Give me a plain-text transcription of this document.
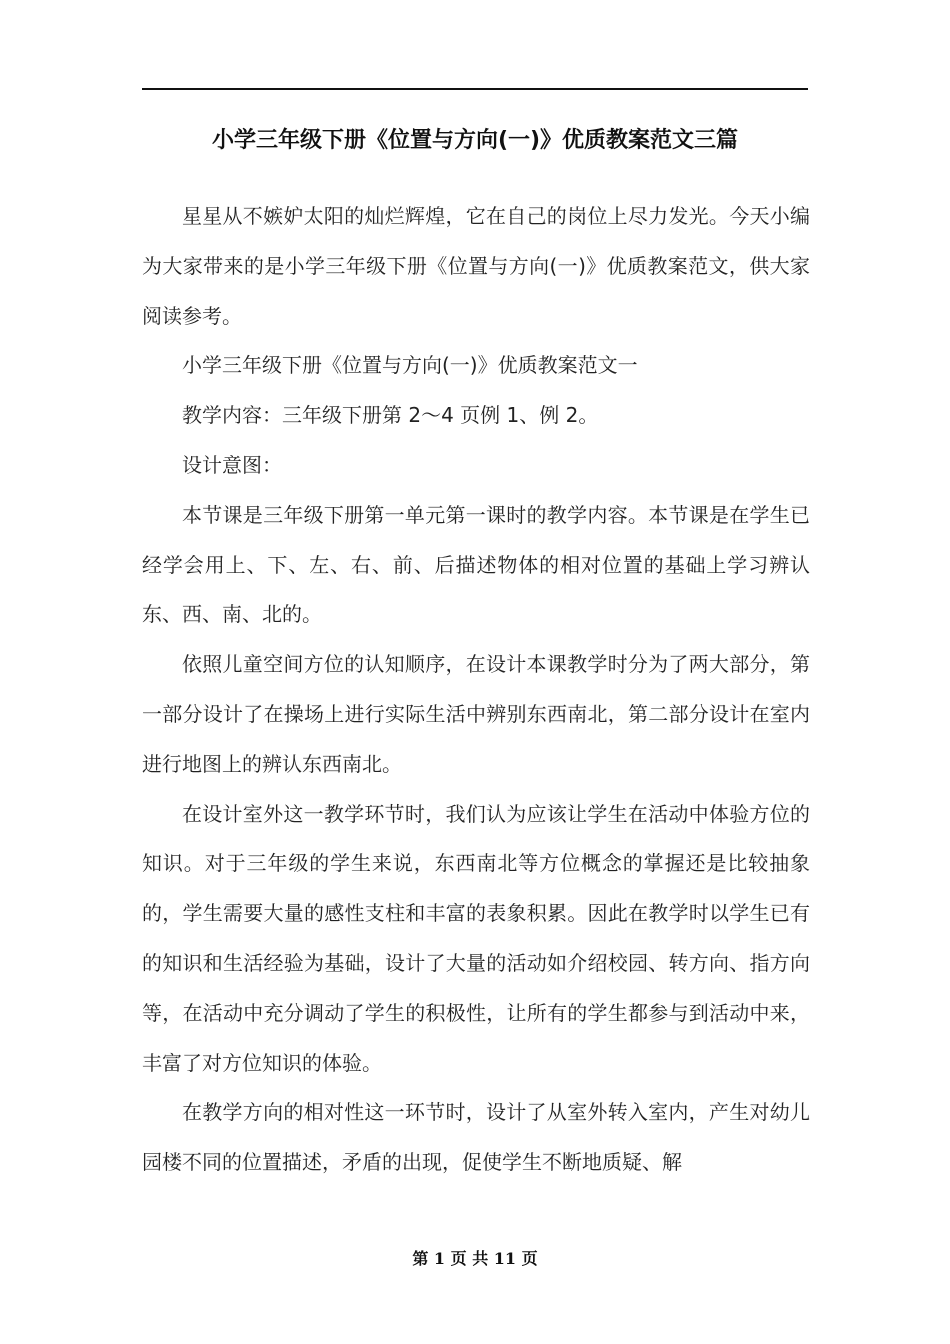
小学三年级下册《位置与方向(一)》优质教案范文三篇

星星从不嫉妒太阳的灿烂辉煌，它在自己的岗位上尽力发光。今天小编为大家带来的是小学三年级下册《位置与方向(一)》优质教案范文，供大家阅读参考。

小学三年级下册《位置与方向(一)》优质教案范文一

教学内容：三年级下册第 2～4 页例 1、例 2。

设计意图：

本节课是三年级下册第一单元第一课时的教学内容。本节课是在学生已经学会用上、下、左、右、前、后描述物体的相对位置的基础上学习辨认东、西、南、北的。

依照儿童空间方位的认知顺序，在设计本课教学时分为了两大部分，第一部分设计了在操场上进行实际生活中辨别东西南北，第二部分设计在室内进行地图上的辨认东西南北。

在设计室外这一教学环节时，我们认为应该让学生在活动中体验方位的知识。对于三年级的学生来说，东西南北等方位概念的掌握还是比较抽象的，学生需要大量的感性支柱和丰富的表象积累。因此在教学时以学生已有的知识和生活经验为基础，设计了大量的活动如介绍校园、转方向、指方向等，在活动中充分调动了学生的积极性，让所有的学生都参与到活动中来，丰富了对方位知识的体验。

在教学方向的相对性这一环节时，设计了从室外转入室内，产生对幼儿园楼不同的位置描述，矛盾的出现，促使学生不断地质疑、解

第 1 页 共 11 页
